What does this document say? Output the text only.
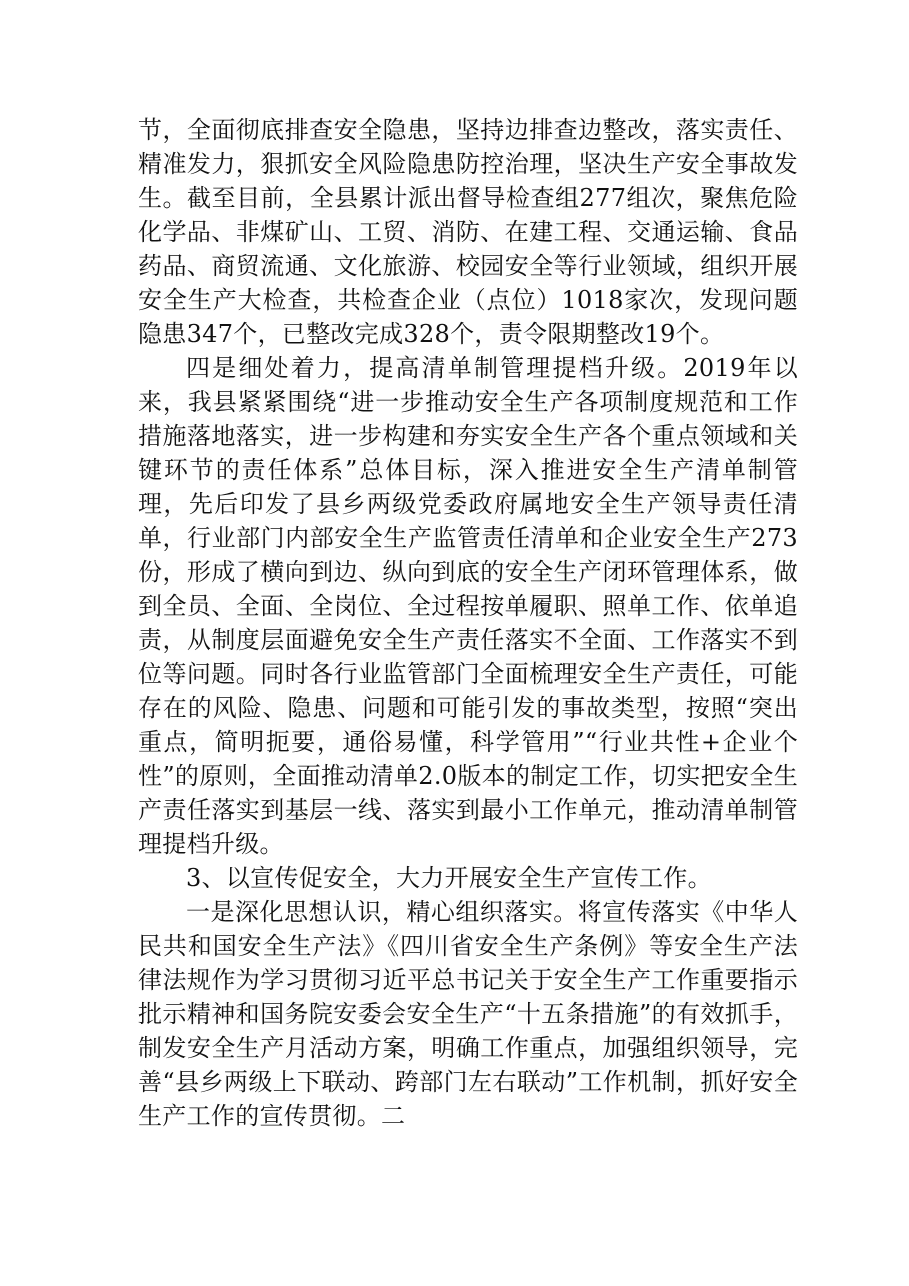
节，全面彻底排查安全隐患，坚持边排查边整改，落实责任、精准发力，狠抓安全风险隐患防控治理，坚决生产安全事故发生。截至目前，全县累计派出督导检查组277组次，聚焦危险化学品、非煤矿山、工贸、消防、在建工程、交通运输、食品药品、商贸流通、文化旅游、校园安全等行业领域，组织开展安全生产大检查，共检查企业（点位）1018家次，发现问题隐患347个，已整改完成328个，责令限期整改19个。

四是细处着力，提高清单制管理提档升级。2019年以来，我县紧紧围绕“进一步推动安全生产各项制度规范和工作措施落地落实，进一步构建和夯实安全生产各个重点领域和关键环节的责任体系”总体目标，深入推进安全生产清单制管理，先后印发了县乡两级党委政府属地安全生产领导责任清单，行业部门内部安全生产监管责任清单和企业安全生产273份，形成了横向到边、纵向到底的安全生产闭环管理体系，做到全员、全面、全岗位、全过程按单履职、照单工作、依单追责，从制度层面避免安全生产责任落实不全面、工作落实不到位等问题。同时各行业监管部门全面梳理安全生产责任，可能存在的风险、隐患、问题和可能引发的事故类型，按照“突出重点，简明扼要，通俗易懂，科学管用”“行业共性+企业个性”的原则，全面推动清单2.0版本的制定工作，切实把安全生产责任落实到基层一线、落实到最小工作单元，推动清单制管理提档升级。

3、以宣传促安全，大力开展安全生产宣传工作。

一是深化思想认识，精心组织落实。将宣传落实《中华人民共和国安全生产法》《四川省安全生产条例》等安全生产法律法规作为学习贯彻习近平总书记关于安全生产工作重要指示批示精神和国务院安委会安全生产“十五条措施”的有效抓手，制发安全生产月活动方案，明确工作重点，加强组织领导，完善“县乡两级上下联动、跨部门左右联动”工作机制，抓好安全生产工作的宣传贯彻。二
